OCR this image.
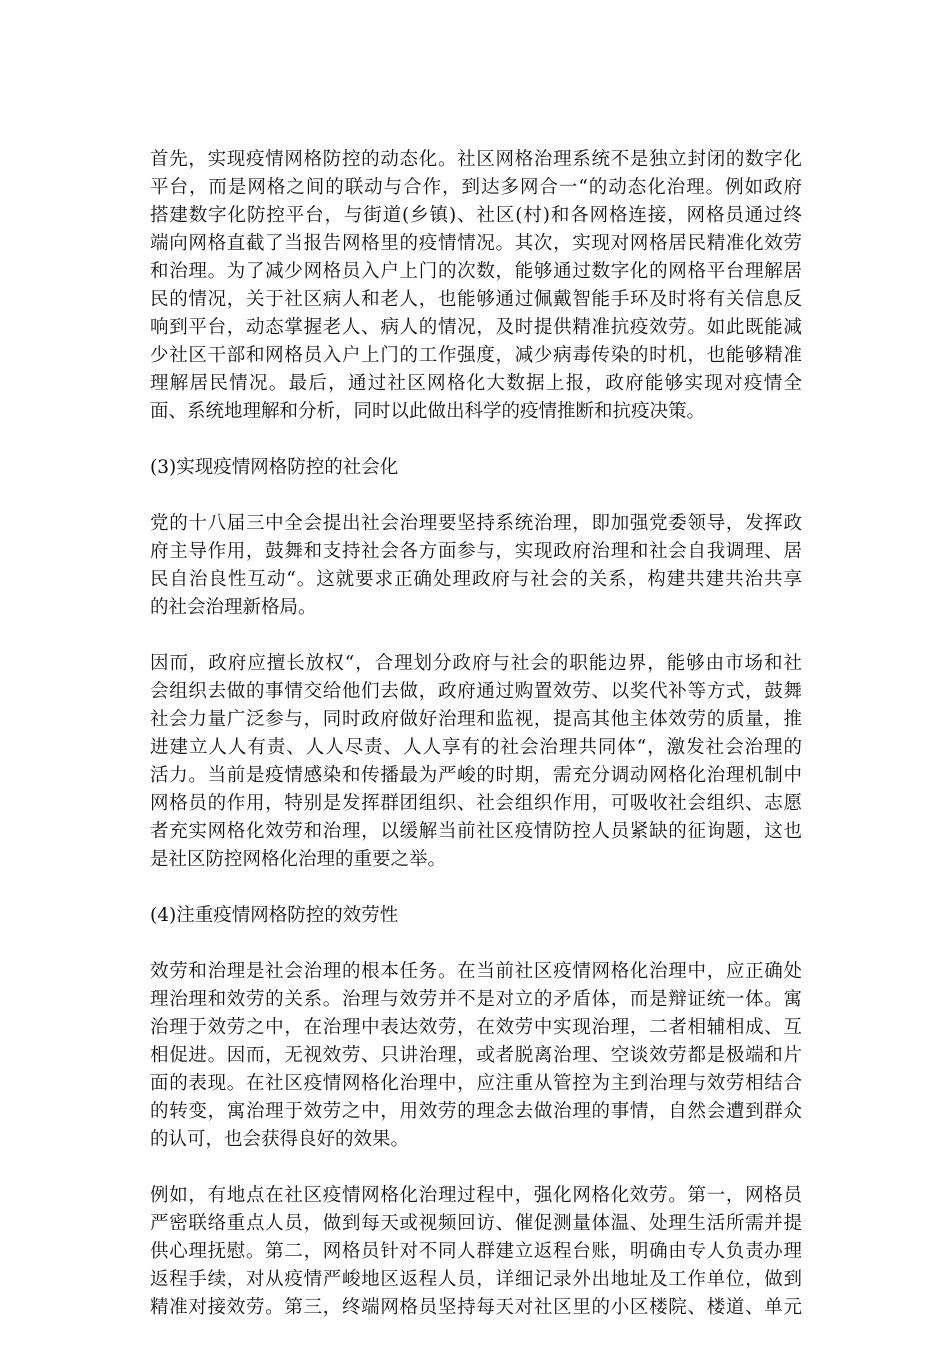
首先，实现疫情网格防控的动态化。社区网格治理系统不是独立封闭的数字化
平台，而是网格之间的联动与合作，到达多网合一“的动态化治理。例如政府
搭建数字化防控平台，与街道(乡镇)、社区(村)和各网格连接，网格员通过终
端向网格直截了当报告网格里的疫情情况。其次，实现对网格居民精准化效劳
和治理。为了减少网格员入户上门的次数，能够通过数字化的网格平台理解居
民的情况，关于社区病人和老人，也能够通过佩戴智能手环及时将有关信息反
响到平台，动态掌握老人、病人的情况，及时提供精准抗疫效劳。如此既能减
少社区干部和网格员入户上门的工作强度，减少病毒传染的时机，也能够精准
理解居民情况。最后，通过社区网格化大数据上报，政府能够实现对疫情全
面、系统地理解和分析，同时以此做出科学的疫情推断和抗疫决策。
(3)实现疫情网格防控的社会化
党的十八届三中全会提出社会治理要坚持系统治理，即加强党委领导，发挥政
府主导作用，鼓舞和支持社会各方面参与，实现政府治理和社会自我调理、居
民自治良性互动“。这就要求正确处理政府与社会的关系，构建共建共治共享
的社会治理新格局。
因而，政府应擅长放权“，合理划分政府与社会的职能边界，能够由市场和社
会组织去做的事情交给他们去做，政府通过购置效劳、以奖代补等方式，鼓舞
社会力量广泛参与，同时政府做好治理和监视，提高其他主体效劳的质量，推
进建立人人有责、人人尽责、人人享有的社会治理共同体“，激发社会治理的
活力。当前是疫情感染和传播最为严峻的时期，需充分调动网格化治理机制中
网格员的作用，特别是发挥群团组织、社会组织作用，可吸收社会组织、志愿
者充实网格化效劳和治理，以缓解当前社区疫情防控人员紧缺的征询题，这也
是社区防控网格化治理的重要之举。
(4)注重疫情网格防控的效劳性
效劳和治理是社会治理的根本任务。在当前社区疫情网格化治理中，应正确处
理治理和效劳的关系。治理与效劳并不是对立的矛盾体，而是辩证统一体。寓
治理于效劳之中，在治理中表达效劳，在效劳中实现治理，二者相辅相成、互
相促进。因而，无视效劳、只讲治理，或者脱离治理、空谈效劳都是极端和片
面的表现。在社区疫情网格化治理中，应注重从管控为主到治理与效劳相结合
的转变，寓治理于效劳之中，用效劳的理念去做治理的事情，自然会遭到群众
的认可，也会获得良好的效果。
例如，有地点在社区疫情网格化治理过程中，强化网格化效劳。第一，网格员
严密联络重点人员，做到每天或视频回访、催促测量体温、处理生活所需并提
供心理抚慰。第二，网格员针对不同人群建立返程台账，明确由专人负责办理
返程手续，对从疫情严峻地区返程人员，详细记录外出地址及工作单位，做到
精准对接效劳。第三，终端网格员坚持每天对社区里的小区楼院、楼道、单元
